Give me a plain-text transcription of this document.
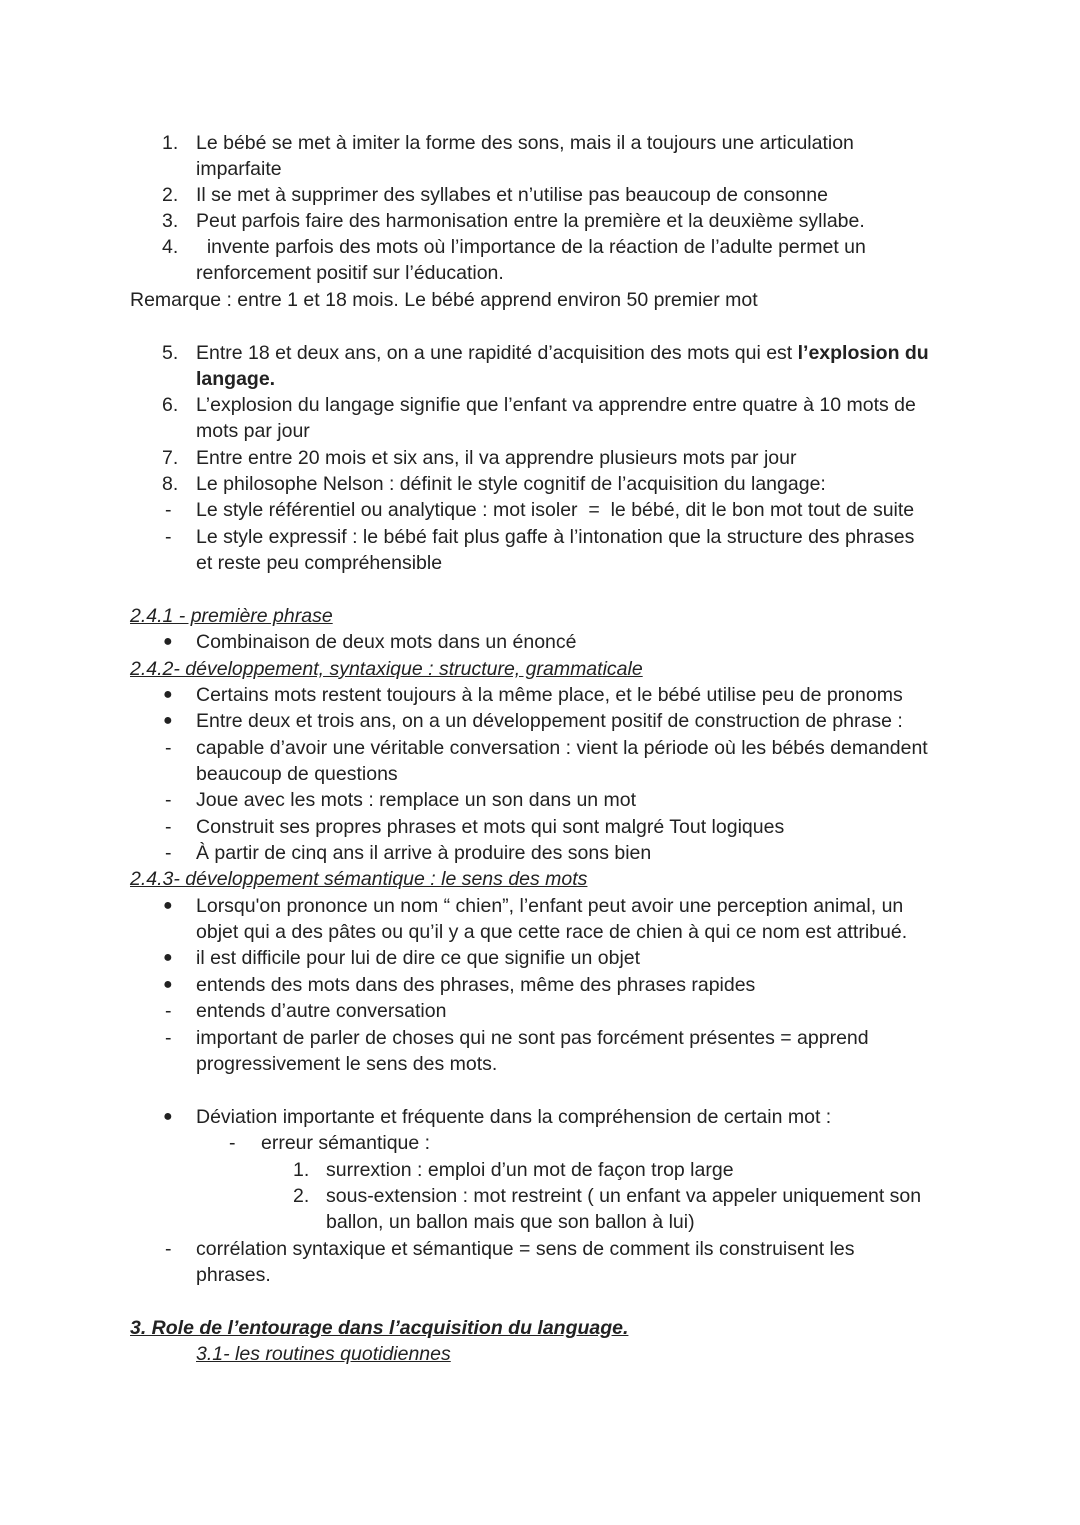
1. Le bébé se met à imiter la forme des sons, mais il a toujours une articulation
imparfaite
2. Il se met à supprimer des syllabes et n’utilise pas beaucoup de consonne
3. Peut parfois faire des harmonisation entre la première et la deuxième syllabe.
4. invente parfois des mots où l’importance de la réaction de l’adulte permet un
renforcement positif sur l’éducation.
Remarque : entre 1 et 18 mois. Le bébé apprend environ 50 premier mot
5. Entre 18 et deux ans, on a une rapidité d’acquisition des mots qui est l’explosion du
langage.
6. L’explosion du langage signifie que l’enfant va apprendre entre quatre à 10 mots de
mots par jour
7. Entre entre 20 mois et six ans, il va apprendre plusieurs mots par jour
8. Le philosophe Nelson : définit le style cognitif de l’acquisition du langage:
- Le style référentiel ou analytique : mot isoler  =  le bébé, dit le bon mot tout de suite
- Le style expressif : le bébé fait plus gaffe à l’intonation que la structure des phrases
et reste peu compréhensible
2.4.1 - première phrase
● Combinaison de deux mots dans un énoncé
2.4.2- développement, syntaxique : structure, grammaticale
● Certains mots restent toujours à la même place, et le bébé utilise peu de pronoms
● Entre deux et trois ans, on a un développement positif de construction de phrase :
- capable d’avoir une véritable conversation : vient la période où les bébés demandent
beaucoup de questions
- Joue avec les mots : remplace un son dans un mot
- Construit ses propres phrases et mots qui sont malgré Tout logiques
- À partir de cinq ans il arrive à produire des sons bien
2.4.3- développement sémantique : le sens des mots
● Lorsqu'on prononce un nom “ chien”, l’enfant peut avoir une perception animal, un
objet qui a des pâtes ou qu’il y a que cette race de chien à qui ce nom est attribué.
● il est difficile pour lui de dire ce que signifie un objet
● entends des mots dans des phrases, même des phrases rapides
- entends d’autre conversation
- important de parler de choses qui ne sont pas forcément présentes = apprend
progressivement le sens des mots.
● Déviation importante et fréquente dans la compréhension de certain mot :
- erreur sémantique :
1. surrextion : emploi d’un mot de façon trop large
2. sous-extension : mot restreint ( un enfant va appeler uniquement son
ballon, un ballon mais que son ballon à lui)
- corrélation syntaxique et sémantique = sens de comment ils construisent les
phrases.
3. Role de l’entourage dans l’acquisition du language.
3.1- les routines quotidiennes
